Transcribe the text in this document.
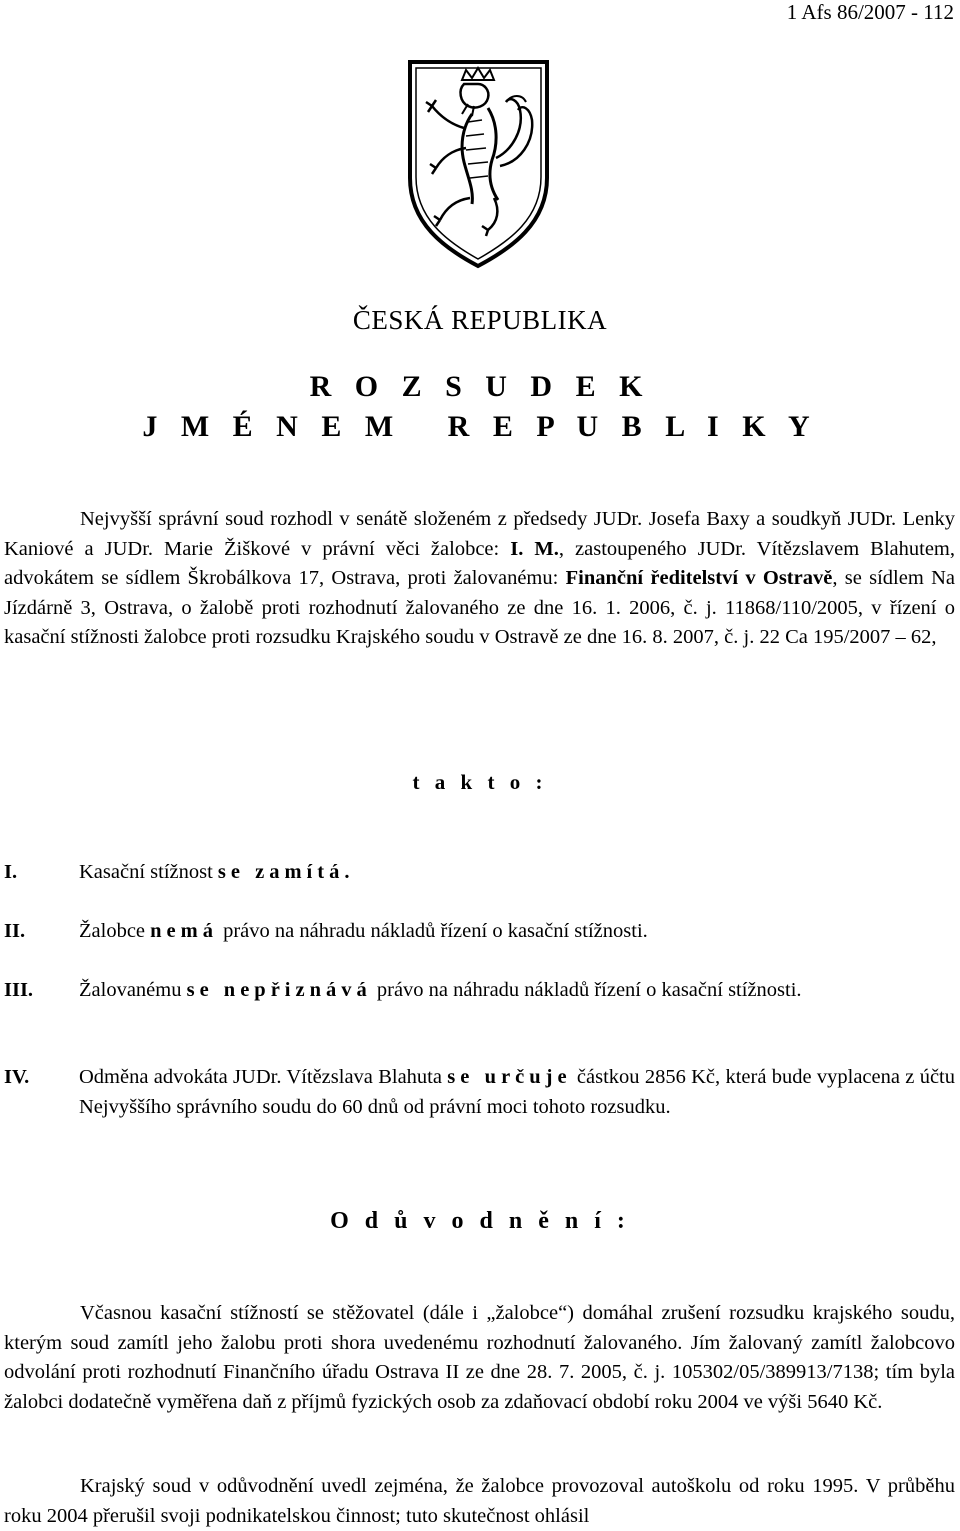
1 Afs 86/2007 - 112
ČESKÁ REPUBLIKA
R O Z S U D E K
J M É N E M   R E P U B L I K Y
Nejvyšší správní soud rozhodl v senátě složeném z předsedy JUDr. Josefa Baxy a soudkyň JUDr. Lenky Kaniové a JUDr. Marie Žiškové v právní věci žalobce: I. M., zastoupeného JUDr. Vítězslavem Blahutem, advokátem se sídlem Škrobálkova 17, Ostrava, proti žalovanému: Finanční ředitelství v Ostravě, se sídlem Na Jízdárně 3, Ostrava, o žalobě proti rozhodnutí žalovaného ze dne 16. 1. 2006, č. j. 11868/110/2005, v řízení o kasační stížnosti žalobce proti rozsudku Krajského soudu v Ostravě ze dne 16. 8. 2007, č. j. 22 Ca 195/2007 – 62,
t a k t o :
I.	Kasační stížnost se zamítá.
II.	Žalobce nemá právo na náhradu nákladů řízení o kasační stížnosti.
III. Žalovanému se nepřiznává právo na náhradu nákladů řízení o kasační stížnosti.
IV. Odměna advokáta JUDr. Vítězslava Blahuta se určuje částkou 2856 Kč, která bude vyplacena z účtu Nejvyššího správního soudu do 60 dnů od právní moci tohoto rozsudku.
O d ů v o d n ě n í :
Včasnou kasační stížností se stěžovatel (dále i „žalobce“) domáhal zrušení rozsudku krajského soudu, kterým soud zamítl jeho žalobu proti shora uvedenému rozhodnutí žalovaného. Jím žalovaný zamítl žalobcovo odvolání proti rozhodnutí Finančního úřadu Ostrava II ze dne 28. 7. 2005, č. j. 105302/05/389913/7138; tím byla žalobci dodatečně vyměřena daň z příjmů fyzických osob za zdaňovací období roku 2004 ve výši 5640 Kč.
Krajský soud v odůvodnění uvedl zejména, že žalobce provozoval autoškolu od roku 1995. V průběhu roku 2004 přerušil svoji podnikatelskou činnost; tuto skutečnost ohlásil
